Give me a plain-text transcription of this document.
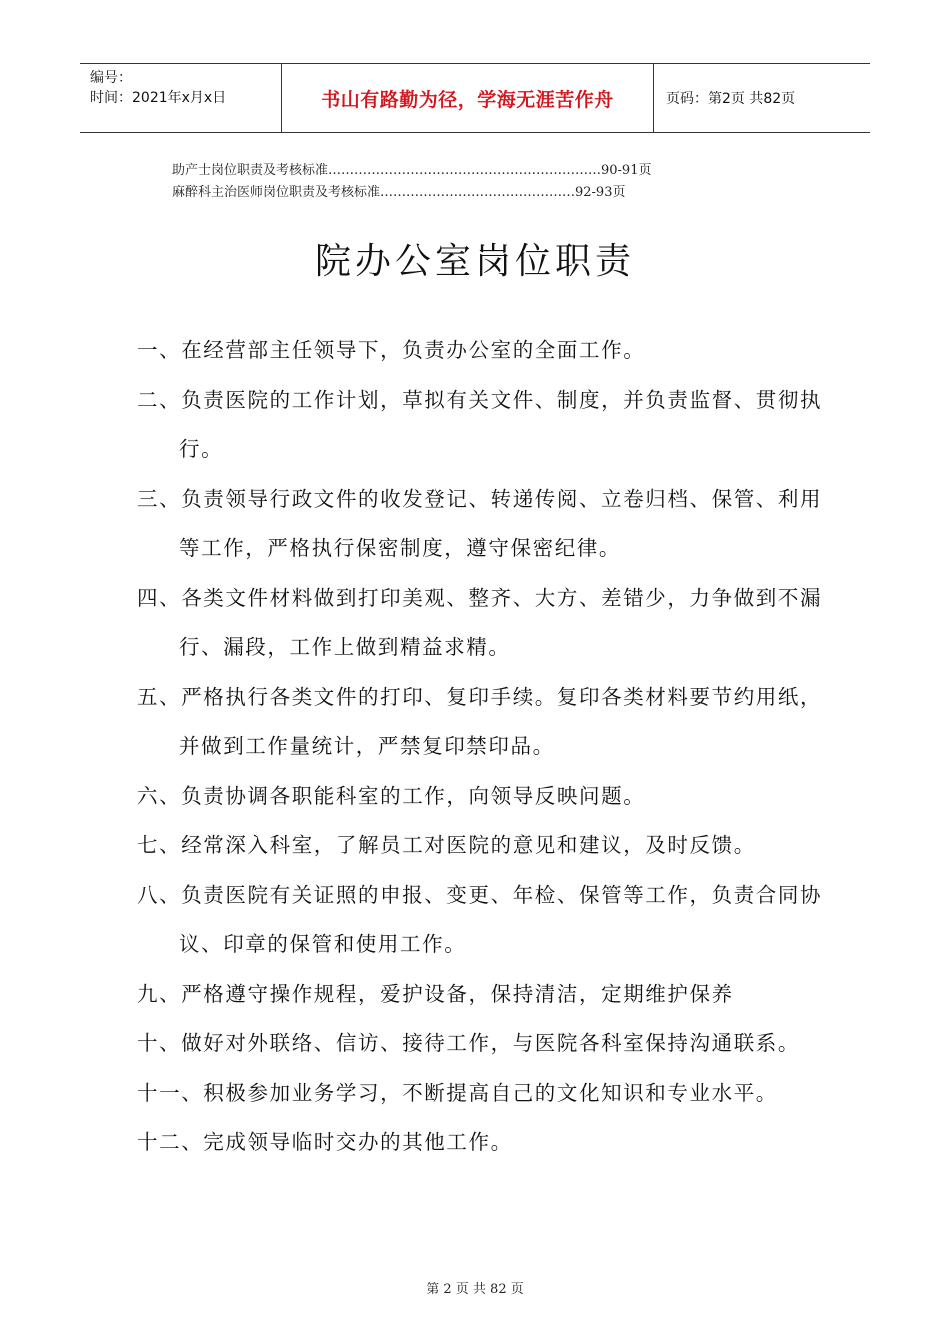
编号：
时间：2021年x月x日	书山有路勤为径，学海无涯苦作舟	页码：第2页 共82页
助产士岗位职责及考核标准………………………………………………………90-91页
麻醉科主治医师岗位职责及考核标准………………………………………92-93页
院办公室岗位职责
一、在经营部主任领导下，负责办公室的全面工作。
二、负责医院的工作计划，草拟有关文件、制度，并负责监督、贯彻执行。
三、负责领导行政文件的收发登记、转递传阅、立卷归档、保管、利用等工作，严格执行保密制度，遵守保密纪律。
四、各类文件材料做到打印美观、整齐、大方、差错少，力争做到不漏行、漏段，工作上做到精益求精。
五、严格执行各类文件的打印、复印手续。复印各类材料要节约用纸，并做到工作量统计，严禁复印禁印品。
六、负责协调各职能科室的工作，向领导反映问题。
七、经常深入科室，了解员工对医院的意见和建议，及时反馈。
八、负责医院有关证照的申报、变更、年检、保管等工作，负责合同协议、印章的保管和使用工作。
九、严格遵守操作规程，爱护设备，保持清洁，定期维护保养
十、做好对外联络、信访、接待工作，与医院各科室保持沟通联系。
十一、积极参加业务学习，不断提高自己的文化知识和专业水平。
十二、完成领导临时交办的其他工作。
第 2 页 共 82 页
